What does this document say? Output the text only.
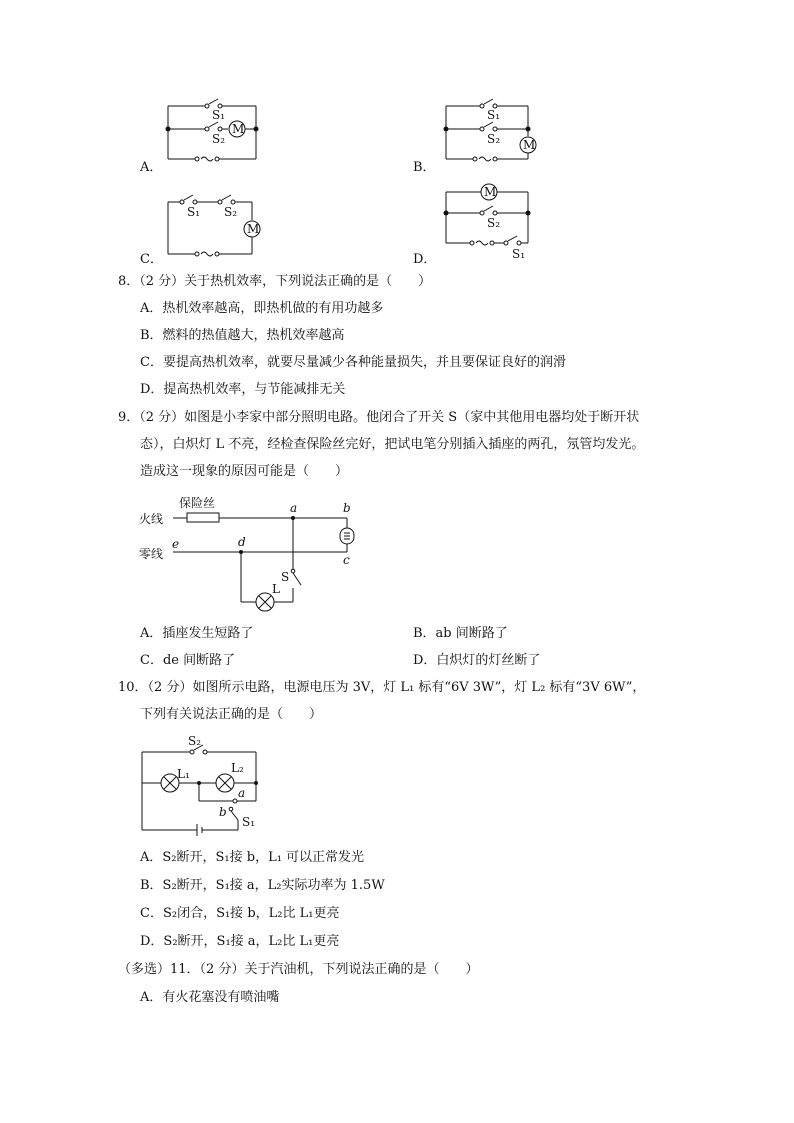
A．
M
S₁
S₂
B．
M
S₁
S₂
C．
M
S₁ S₂
D．
M
S₂
S₁
8．（2 分）关于热机效率，下列说法正确的是（　　）
A．热机效率越高，即热机做的有用功越多
B．燃料的热值越大，热机效率越高
C．要提高热机效率，就要尽量减少各种能量损失，并且要保证良好的润滑
D．提高热机效率，与节能减排无关
9．（2 分）如图是小李家中部分照明电路。他闭合了开关 S（家中其他用电器均处于断开状
态），白炽灯 L 不亮，经检查保险丝完好，把试电笔分别插入插座的两孔，氖管均发光。
造成这一现象的原因可能是（　　）
保险丝
火线
零线
a	b
c
d
e
S
L
A．插座发生短路了	B．ab 间断路了
C．de 间断路了	D．白炽灯的灯丝断了
10．（2 分）如图所示电路，电源电压为 3V，灯 L₁ 标有“6V 3W”，灯 L₂ 标有“3V 6W”，
下列有关说法正确的是（　　）
S₂
L₁	L₂
a
b
S₁
A．S₂断开，S₁接 b，L₁ 可以正常发光
B．S₂断开，S₁接 a，L₂实际功率为 1.5W
C．S₂闭合，S₁接 b，L₂比 L₁更亮
D．S₂断开，S₁接 a，L₂比 L₁更亮
（多选）11．（2 分）关于汽油机，下列说法正确的是（　　）
A．有火花塞没有喷油嘴
